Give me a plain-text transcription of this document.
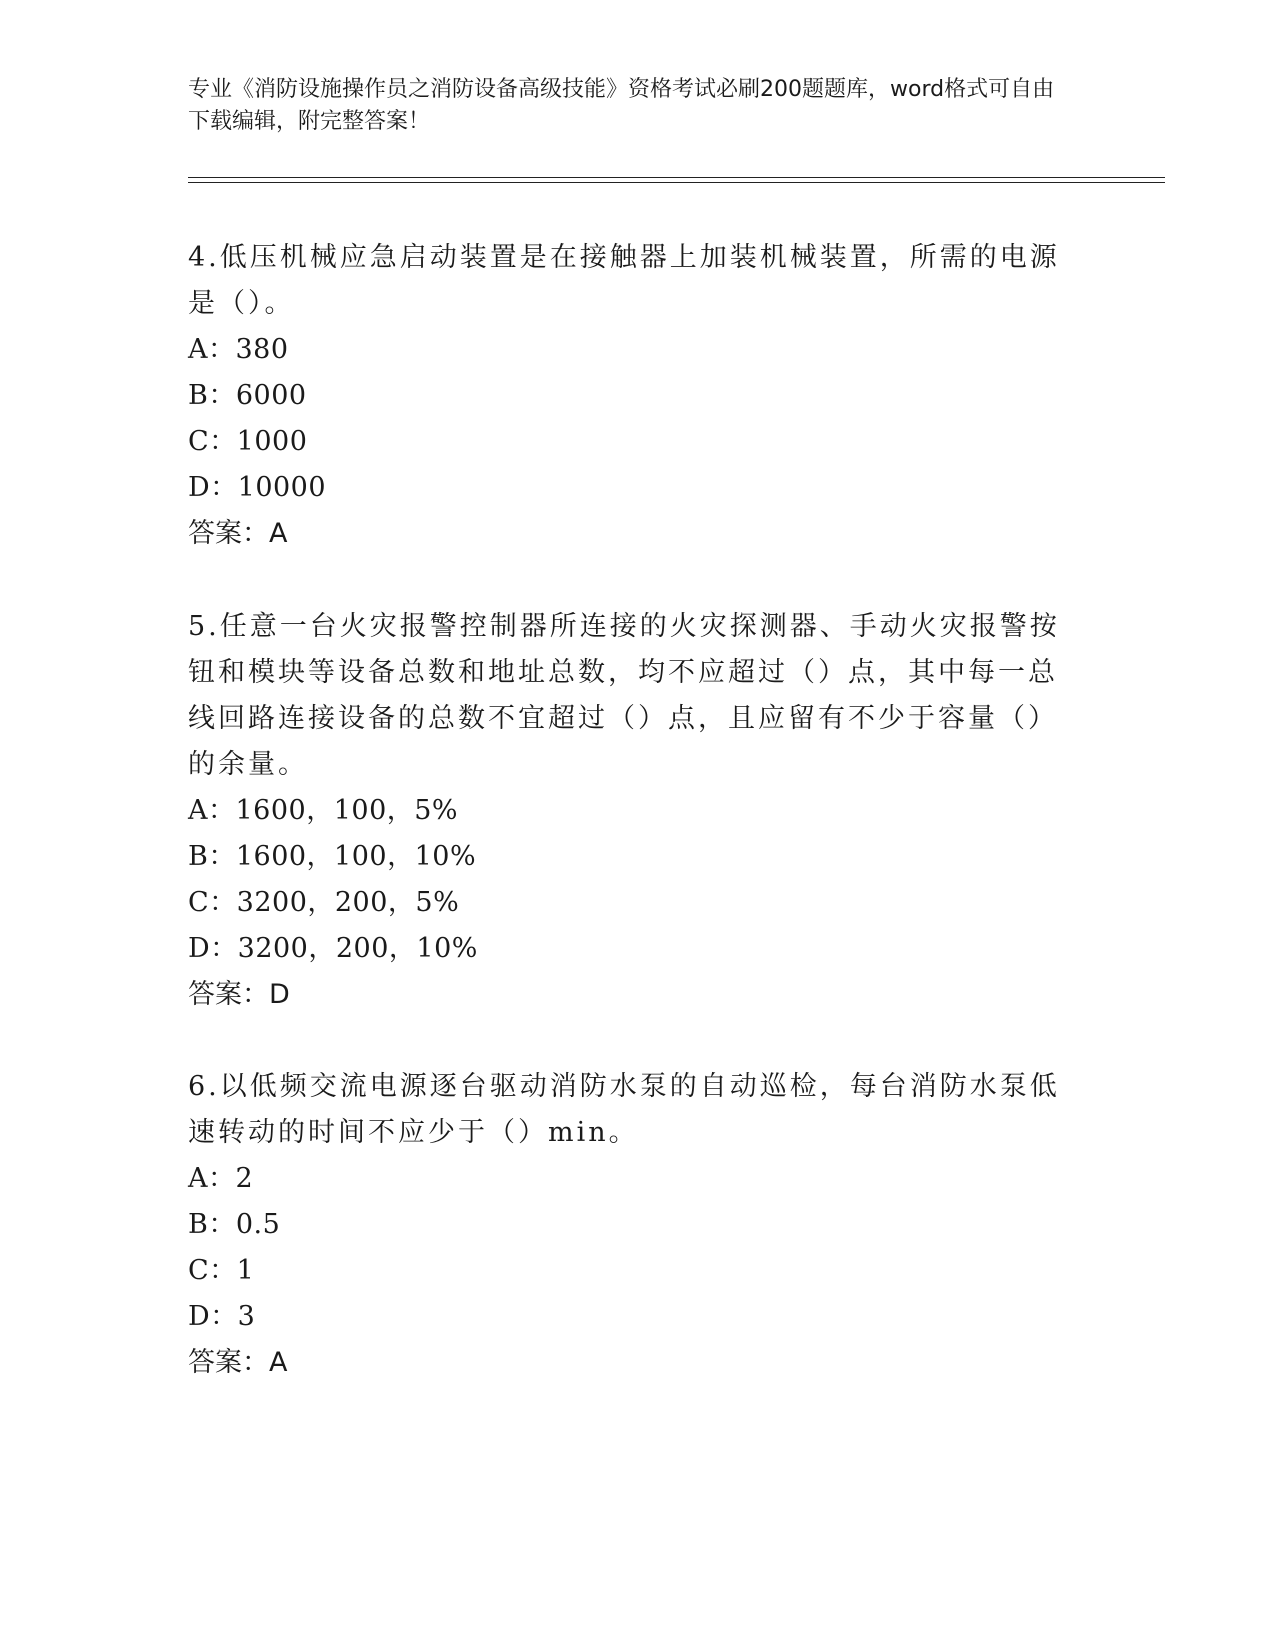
专业《消防设施操作员之消防设备高级技能》资格考试必刷200题题库，word格式可自由下载编辑，附完整答案！

4.低压机械应急启动装置是在接触器上加装机械装置，所需的电源是（）。

A：380

B：6000

C：1000

D：10000

答案：A

5.任意一台火灾报警控制器所连接的火灾探测器、手动火灾报警按钮和模块等设备总数和地址总数，均不应超过（）点，其中每一总线回路连接设备的总数不宜超过（）点，且应留有不少于容量（）的余量。

A：1600，100，5%

B：1600，100，10%

C：3200，200，5%

D：3200，200，10%

答案：D

6.以低频交流电源逐台驱动消防水泵的自动巡检，每台消防水泵低速转动的时间不应少于（）min。

A：2

B：0.5

C：1

D：3

答案：A
